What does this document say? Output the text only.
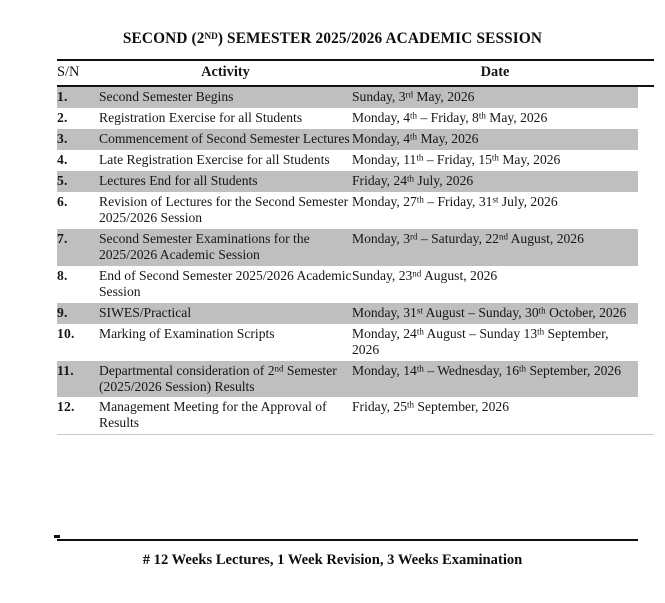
SECOND (2ND) SEMESTER 2025/2026 ACADEMIC SESSION
S/N	Activity	Date	
1.	Second Semester Begins	Sunday, 3rd May, 2026	
2.	Registration Exercise for all Students	Monday, 4th – Friday, 8th May, 2026	
3.	Commencement of Second Semester Lectures	Monday, 4th May, 2026	
4.	Late Registration Exercise for all Students	Monday, 11th – Friday, 15th May, 2026	
5.	Lectures End for all Students	Friday, 24th July, 2026	
6.	Revision of Lectures for the Second Semester 2025/2026 Session	Monday, 27th – Friday, 31st July, 2026	
7.	Second Semester Examinations for the 2025/2026 Academic Session	Monday, 3rd – Saturday, 22nd August, 2026	
8.	End of Second Semester 2025/2026 Academic Session	Sunday, 23nd August, 2026	
9.	SIWES/Practical	Monday, 31st August – Sunday, 30th October, 2026	
10.	Marking of Examination Scripts	Monday, 24th August – Sunday 13th September, 2026	
11.	Departmental consideration of 2nd Semester (2025/2026 Session) Results	Monday, 14th – Wednesday, 16th September, 2026	
12.	Management Meeting for the Approval of Results	Friday, 25th September, 2026	
# 12 Weeks Lectures, 1 Week Revision, 3 Weeks Examination
